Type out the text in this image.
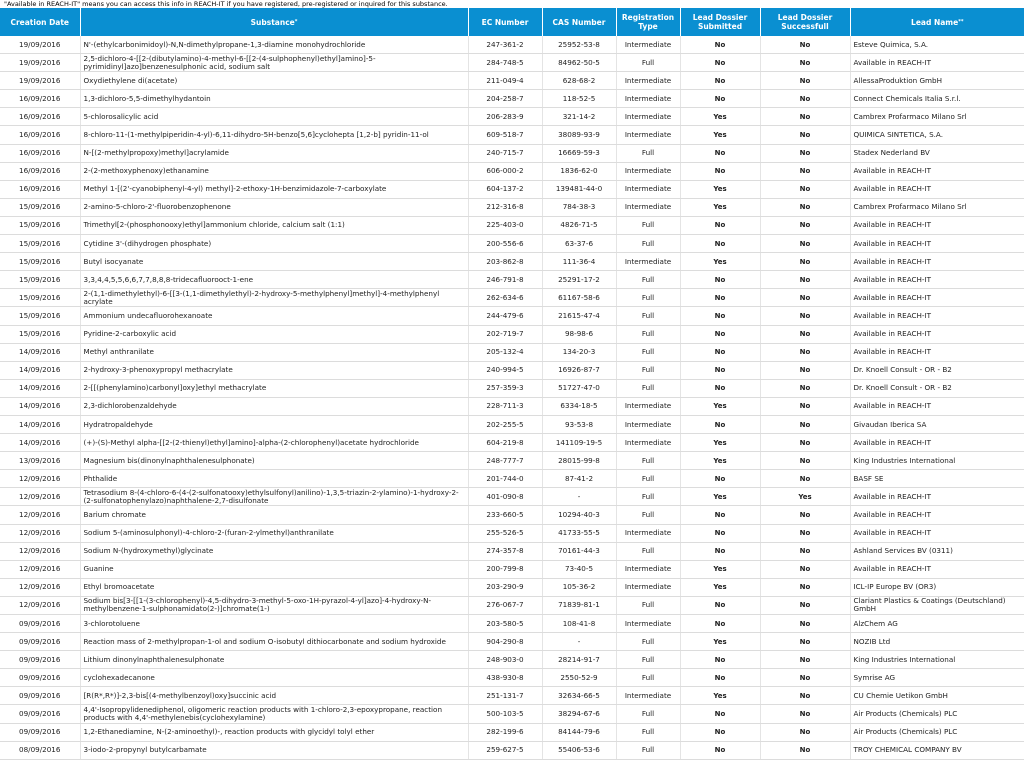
"Available in REACH-IT" means you can access this info in REACH-IT if you have registered, pre-registered or inquired for this substance.
Creation Date	Substance*	EC Number	CAS Number	Registration Type	Lead Dossier Submitted	Lead Dossier Successfull	Lead Name**
19/09/2016	N'-(ethylcarbonimidoyl)-N,N-dimethylpropane-1,3-diamine monohydrochloride	247-361-2	25952-53-8	Intermediate	No	No	Esteve Quimica, S.A.
19/09/2016	2,5-dichloro-4-[[2-(dibutylamino)-4-methyl-6-[[2-(4-sulphophenyl)ethyl]amino]-5-pyrimidinyl]azo]benzenesulphonic acid, sodium salt	284-748-5	84962-50-5	Full	No	No	Available in REACH-IT
19/09/2016	Oxydiethylene di(acetate)	211-049-4	628-68-2	Intermediate	No	No	AllessaProduktion GmbH
16/09/2016	1,3-dichloro-5,5-dimethylhydantoin	204-258-7	118-52-5	Intermediate	No	No	Connect Chemicals Italia S.r.l.
16/09/2016	5-chlorosalicylic acid	206-283-9	321-14-2	Intermediate	Yes	No	Cambrex Profarmaco Milano Srl
16/09/2016	8-chloro-11-(1-methylpiperidin-4-yl)-6,11-dihydro-5H-benzo[5,6]cyclohepta [1,2-b] pyridin-11-ol	609-518-7	38089-93-9	Intermediate	Yes	No	QUIMICA SINTETICA, S.A.
16/09/2016	N-[(2-methylpropoxy)methyl]acrylamide	240-715-7	16669-59-3	Full	No	No	Stadex Nederland BV
16/09/2016	2-(2-methoxyphenoxy)ethanamine	606-000-2	1836-62-0	Intermediate	No	No	Available in REACH-IT
16/09/2016	Methyl 1-[(2'-cyanobiphenyl-4-yl) methyl]-2-ethoxy-1H-benzimidazole-7-carboxylate	604-137-2	139481-44-0	Intermediate	Yes	No	Available in REACH-IT
15/09/2016	2-amino-5-chloro-2'-fluorobenzophenone	212-316-8	784-38-3	Intermediate	Yes	No	Cambrex Profarmaco Milano Srl
15/09/2016	Trimethyl[2-(phosphonooxy)ethyl]ammonium chloride, calcium salt (1:1)	225-403-0	4826-71-5	Full	No	No	Available in REACH-IT
15/09/2016	Cytidine 3'-(dihydrogen phosphate)	200-556-6	63-37-6	Full	No	No	Available in REACH-IT
15/09/2016	Butyl isocyanate	203-862-8	111-36-4	Intermediate	Yes	No	Available in REACH-IT
15/09/2016	3,3,4,4,5,5,6,6,7,7,8,8,8-tridecafluorooct-1-ene	246-791-8	25291-17-2	Full	No	No	Available in REACH-IT
15/09/2016	2-(1,1-dimethylethyl)-6-[[3-(1,1-dimethylethyl)-2-hydroxy-5-methylphenyl]methyl]-4-methylphenyl acrylate	262-634-6	61167-58-6	Full	No	No	Available in REACH-IT
15/09/2016	Ammonium undecafluorohexanoate	244-479-6	21615-47-4	Full	No	No	Available in REACH-IT
15/09/2016	Pyridine-2-carboxylic acid	202-719-7	98-98-6	Full	No	No	Available in REACH-IT
14/09/2016	Methyl anthranilate	205-132-4	134-20-3	Full	No	No	Available in REACH-IT
14/09/2016	2-hydroxy-3-phenoxypropyl methacrylate	240-994-5	16926-87-7	Full	No	No	Dr. Knoell Consult - OR - B2
14/09/2016	2-[[(phenylamino)carbonyl]oxy]ethyl methacrylate	257-359-3	51727-47-0	Full	No	No	Dr. Knoell Consult - OR - B2
14/09/2016	2,3-dichlorobenzaldehyde	228-711-3	6334-18-5	Intermediate	Yes	No	Available in REACH-IT
14/09/2016	Hydratropaldehyde	202-255-5	93-53-8	Intermediate	No	No	Givaudan Iberica SA
14/09/2016	(+)-(S)-Methyl alpha-[[2-(2-thienyl)ethyl]amino]-alpha-(2-chlorophenyl)acetate hydrochloride	604-219-8	141109-19-5	Intermediate	Yes	No	Available in REACH-IT
13/09/2016	Magnesium bis(dinonylnaphthalenesulphonate)	248-777-7	28015-99-8	Full	Yes	No	King Industries International
12/09/2016	Phthalide	201-744-0	87-41-2	Full	No	No	BASF SE
12/09/2016	Tetrasodium 8-(4-chloro-6-(4-(2-sulfonatooxy)ethylsulfonyl)anilino)-1,3,5-triazin-2-ylamino)-1-hydroxy-2-(2-sulfonatophenylazo)naphthalene-2,7-disulfonate	401-090-8	-	Full	Yes	Yes	Available in REACH-IT
12/09/2016	Barium chromate	233-660-5	10294-40-3	Full	No	No	Available in REACH-IT
12/09/2016	Sodium 5-(aminosulphonyl)-4-chloro-2-(furan-2-ylmethyl)anthranilate	255-526-5	41733-55-5	Intermediate	No	No	Available in REACH-IT
12/09/2016	Sodium N-(hydroxymethyl)glycinate	274-357-8	70161-44-3	Full	No	No	Ashland Services BV (0311)
12/09/2016	Guanine	200-799-8	73-40-5	Intermediate	Yes	No	Available in REACH-IT
12/09/2016	Ethyl bromoacetate	203-290-9	105-36-2	Intermediate	Yes	No	ICL-IP Europe BV (OR3)
12/09/2016	Sodium bis[3-[[1-(3-chlorophenyl)-4,5-dihydro-3-methyl-5-oxo-1H-pyrazol-4-yl]azo]-4-hydroxy-N-methylbenzene-1-sulphonamidato(2-)]chromate(1-)	276-067-7	71839-81-1	Full	No	No	Clariant Plastics & Coatings (Deutschland) GmbH
09/09/2016	3-chlorotoluene	203-580-5	108-41-8	Intermediate	No	No	AlzChem AG
09/09/2016	Reaction mass of 2-methylpropan-1-ol and sodium O-isobutyl dithiocarbonate and sodium hydroxide	904-290-8	-	Full	Yes	No	NOZIB Ltd
09/09/2016	Lithium dinonylnaphthalenesulphonate	248-903-0	28214-91-7	Full	No	No	King Industries International
09/09/2016	cyclohexadecanone	438-930-8	2550-52-9	Full	No	No	Symrise AG
09/09/2016	[R(R*,R*)]-2,3-bis[(4-methylbenzoyl)oxy]succinic acid	251-131-7	32634-66-5	Intermediate	Yes	No	CU Chemie Uetikon GmbH
09/09/2016	4,4'-Isopropylidenediphenol, oligomeric reaction products with 1-chloro-2,3-epoxypropane, reaction products with 4,4'-methylenebis(cyclohexylamine)	500-103-5	38294-67-6	Full	No	No	Air Products (Chemicals) PLC
09/09/2016	1,2-Ethanediamine, N-(2-aminoethyl)-, reaction products with glycidyl tolyl ether	282-199-6	84144-79-6	Full	No	No	Air Products (Chemicals) PLC
08/09/2016	3-iodo-2-propynyl butylcarbamate	259-627-5	55406-53-6	Full	No	No	TROY CHEMICAL COMPANY BV
